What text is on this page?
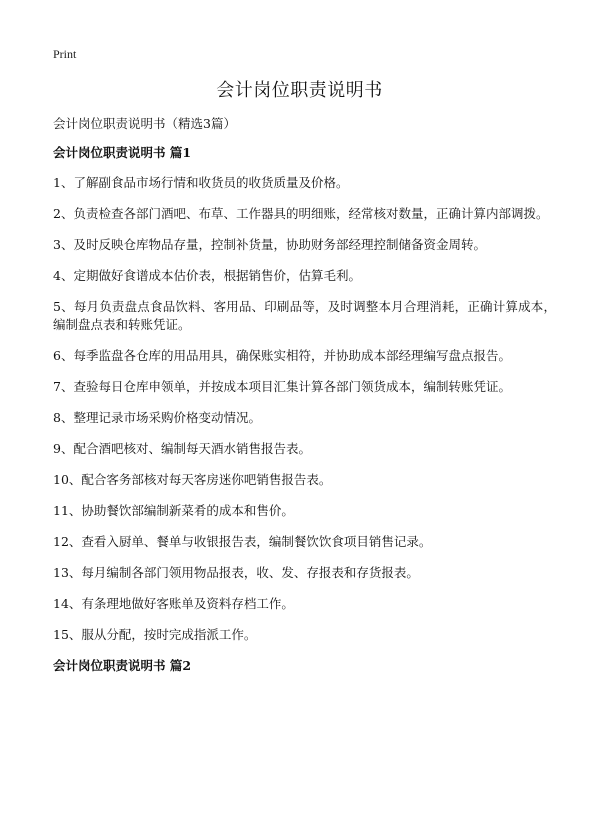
Print
会计岗位职责说明书

会计岗位职责说明书（精选3篇）

会计岗位职责说明书 篇1

1、了解副食品市场行情和收货员的收货质量及价格。

2、负责检查各部门酒吧、布草、工作器具的明细账，经常核对数量，正确计算内部调拨。

3、及时反映仓库物品存量，控制补货量，协助财务部经理控制储备资金周转。

4、定期做好食谱成本估价表，根据销售价，估算毛利。

5、每月负责盘点食品饮料、客用品、印刷品等，及时调整本月合理消耗，正确计算成本，编制盘点表和转账凭证。

6、每季监盘各仓库的用品用具，确保账实相符，并协助成本部经理编写盘点报告。

7、查验每日仓库申领单，并按成本项目汇集计算各部门领货成本，编制转账凭证。

8、整理记录市场采购价格变动情况。

9、配合酒吧核对、编制每天酒水销售报告表。

10、配合客务部核对每天客房迷你吧销售报告表。

11、协助餐饮部编制新菜肴的成本和售价。

12、查看入厨单、餐单与收银报告表，编制餐饮饮食项目销售记录。

13、每月编制各部门领用物品报表，收、发、存报表和存货报表。

14、有条理地做好客账单及资料存档工作。

15、服从分配，按时完成指派工作。

会计岗位职责说明书 篇2
